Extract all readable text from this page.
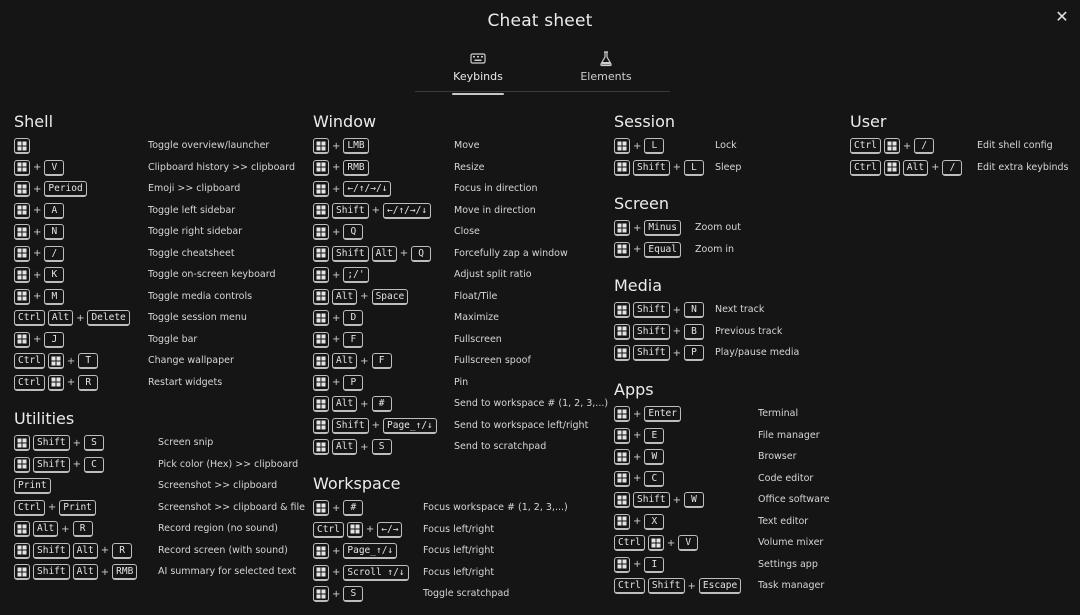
Cheat sheet	✕
Keybinds	Elements
Shell
Toggle overview/launcher
+	V	Clipboard history >> clipboard
+ Period	Emoji >> clipboard
+	A	Toggle left sidebar
+	N	Toggle right sidebar
+	/	Toggle cheatsheet
+	K	Toggle on-screen keyboard
+	M	Toggle media controls
Ctrl	Alt + Delete	Toggle session menu
+	J	Toggle bar
Ctrl	+	T	Change wallpaper
Ctrl	+	R	Restart widgets
Utilities
Shift +	S	Screen snip
Shift +	C	Pick color (Hex) >> clipboard
Print	Screenshot >> clipboard
Ctrl + Print	Screenshot >> clipboard & file
Alt +	R	Record region (no sound)
Shift	Alt +	R	Record screen (with sound)
Shift	Alt + RMB	AI summary for selected text
Window
+ LMB	Move
+ RMB	Resize
+ ←/↑/→/↓	Focus in direction
Shift + ←/↑/→/↓	Move in direction
+	Q	Close
Shift	Alt +	Q	Forcefully zap a window
+ ;/'	Adjust split ratio
Alt + Space	Float/Tile
+	D	Maximize
+	F	Fullscreen
Alt +	F	Fullscreen spoof
+	P	Pin
Alt +	#	Send to workspace # (1, 2, 3,...)
Shift + Page_↑/↓	Send to workspace left/right
Alt +	S	Send to scratchpad
Workspace
+	#	Focus workspace # (1, 2, 3,...)
Ctrl	+ ←/→	Focus left/right
+ Page_↑/↓	Focus left/right
+ Scroll ↑/↓	Focus left/right
+	S	Toggle scratchpad
Session
+	L	Lock
Shift +	L	Sleep
Screen
+ Minus	Zoom out
+ Equal	Zoom in
Media
Shift +	N	Next track
Shift +	B	Previous track
Shift +	P	Play/pause media
Apps
+ Enter	Terminal
+	E	File manager
+	W	Browser
+	C	Code editor
Shift +	W	Office software
+	X	Text editor
Ctrl	+	V	Volume mixer
+	I	Settings app
Ctrl	Shift + Escape	Task manager
User
Ctrl	+	/	Edit shell config
Ctrl	Alt +	/	Edit extra keybinds
